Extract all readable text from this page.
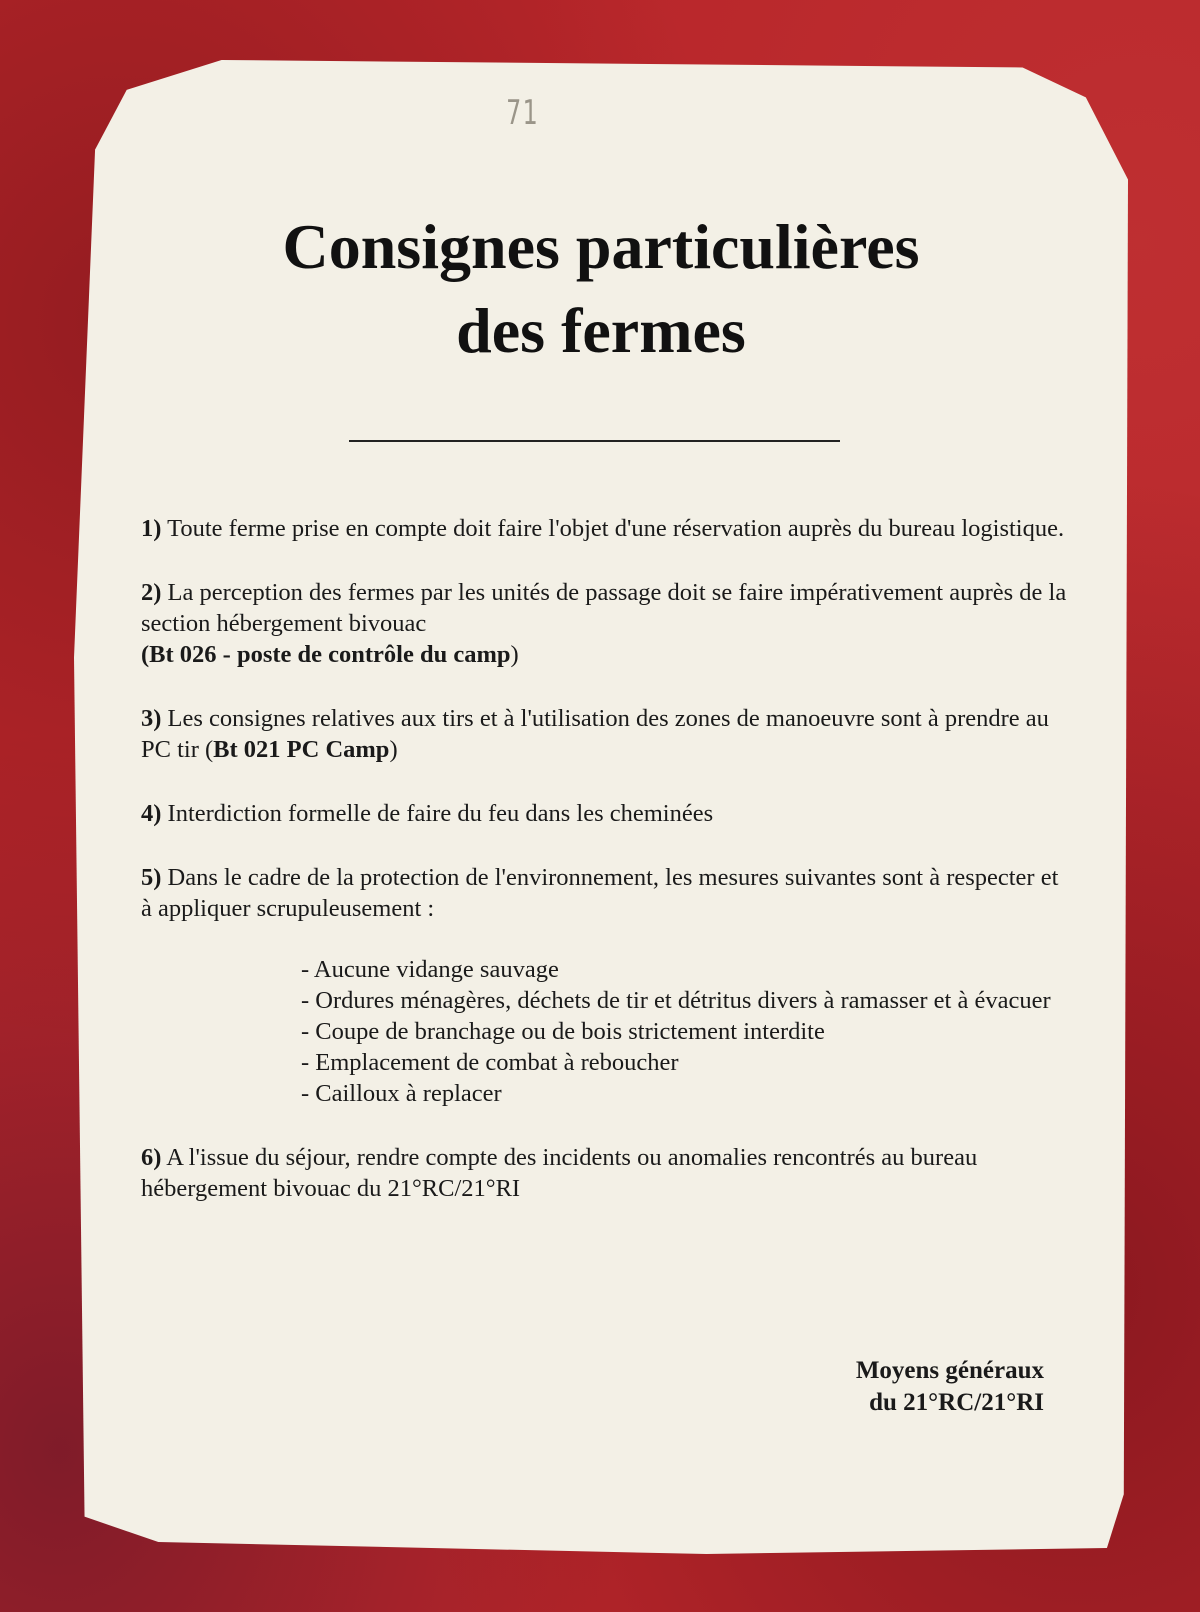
71
Consignes particulières
des fermes
1) Toute ferme prise en compte doit faire l'objet d'une réservation auprès du bureau logistique.
2) La perception des fermes par les unités de passage doit se faire impérativement auprès de la section hébergement bivouac
(Bt 026 - poste de contrôle du camp)
3) Les consignes relatives aux tirs et à l'utilisation des zones de manoeuvre sont à prendre au PC tir (Bt 021 PC Camp)
4) Interdiction formelle de faire du feu dans les cheminées
5) Dans le cadre de la protection de l'environnement, les mesures suivantes sont à respecter et à appliquer scrupuleusement :
- Aucune vidange sauvage
- Ordures ménagères, déchets de tir et détritus divers à ramasser et à évacuer
- Coupe de branchage ou de bois strictement interdite
- Emplacement de combat à reboucher
- Cailloux à replacer
6) A l'issue du séjour, rendre compte des incidents ou anomalies rencontrés au bureau hébergement bivouac du 21°RC/21°RI
Moyens généraux
du 21°RC/21°RI
